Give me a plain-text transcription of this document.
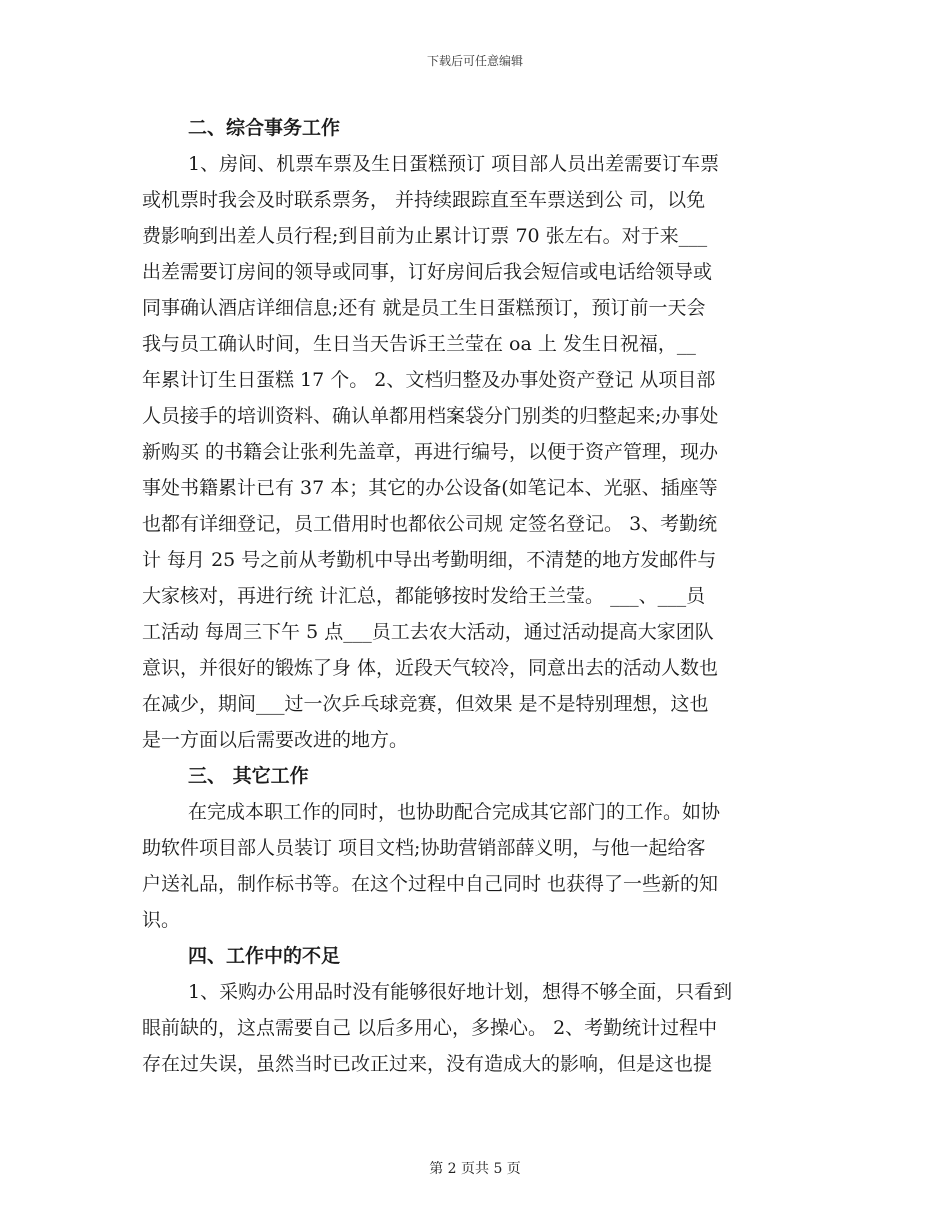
下载后可任意编辑
二、综合事务工作
1、房间、机票车票及生日蛋糕预订 项目部人员出差需要订车票
或机票时我会及时联系票务， 并持续跟踪直至车票送到公 司，以免
费影响到出差人员行程;到目前为止累计订票 70 张左右。对于来___
出差需要订房间的领导或同事，订好房间后我会短信或电话给领导或
同事确认酒店详细信息;还有 就是员工生日蛋糕预订，预订前一天会
我与员工确认时间，生日当天告诉王兰莹在 oa 上 发生日祝福，__
年累计订生日蛋糕 17 个。 2、文档归整及办事处资产登记 从项目部
人员接手的培训资料、确认单都用档案袋分门别类的归整起来;办事处
新购买 的书籍会让张利先盖章，再进行编号，以便于资产管理，现办
事处书籍累计已有 37 本；其它的办公设备(如笔记本、光驱、插座等
也都有详细登记，员工借用时也都依公司规 定签名登记。 3、考勤统
计 每月 25 号之前从考勤机中导出考勤明细，不清楚的地方发邮件与
大家核对，再进行统 计汇总，都能够按时发给王兰莹。 ___、___员
工活动 每周三下午 5 点___员工去农大活动，通过活动提高大家团队
意识，并很好的锻炼了身 体，近段天气较冷，同意出去的活动人数也
在减少，期间___过一次乒乓球竞赛，但效果 是不是特别理想，这也
是一方面以后需要改进的地方。
三、 其它工作
在完成本职工作的同时，也协助配合完成其它部门的工作。如协
助软件项目部人员装订 项目文档;协助营销部薛义明，与他一起给客
户送礼品，制作标书等。在这个过程中自己同时 也获得了一些新的知
识。
四、工作中的不足
1、采购办公用品时没有能够很好地计划，想得不够全面，只看到
眼前缺的，这点需要自己 以后多用心，多操心。 2、考勤统计过程中
存在过失误，虽然当时已改正过来，没有造成大的影响，但是这也提
第 2 页共 5 页
